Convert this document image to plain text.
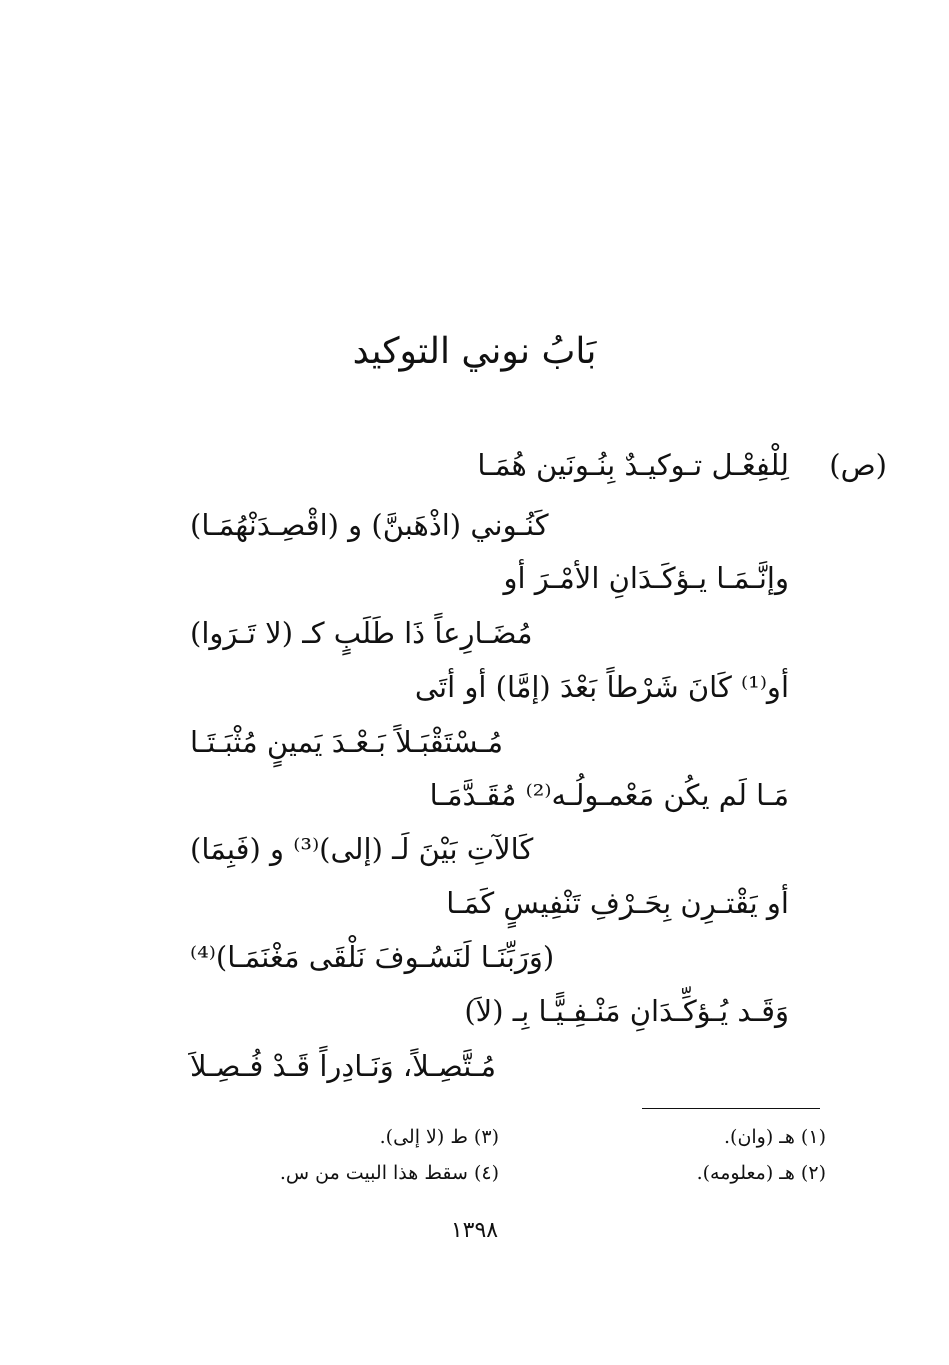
بَابُ نوني التوكيد
(ص)
لِلْفِعْـل تـوكيـدٌ بِنُـونَين هُمَـا
كَنُـوني (اذْهَبنَّ) و (اقْصِـدَنْهُمَـا)
وإنَّـمَـا يـؤكَـدَانِ الأمْـرَ أو
مُضَـارِعاً ذَا طَلَبٍ كـ (لا تَـرَوا)
أو⁽¹⁾ كَانَ شَرْطاً بَعْدَ (إمَّا) أو أتَى
مُـسْتَقْبَـلاً بَـعْـدَ يَمينٍ مُثْبَـتَـا
مَـا لَم يكُن مَعْمـولُـه⁽²⁾ مُقَـدَّمَـا
كَالآتِ بَيْنَ لَـ (إلى)⁽³⁾ و (فَبِمَا)
أو يَقْتـرِن بِحَـرْفِ تَنْفِيسٍ كَمَـا
(وَرَبِّنَـا لَنَسُـوفَ نَلْقَى مَغْنَمَـا)⁽⁴⁾
وَقَـد يُـؤكِّـدَانِ مَنْـفِـيًّـا بِـ (لاَ)
مُـتَّصِـلاً، وَنَـادِراً قَـدْ فُـصِـلاَ
(١) هـ (وان).
(٢) هـ (معلومه).
(٣) ط (لا إلى).
(٤) سقط هذا البيت من س.
١٣٩٨
